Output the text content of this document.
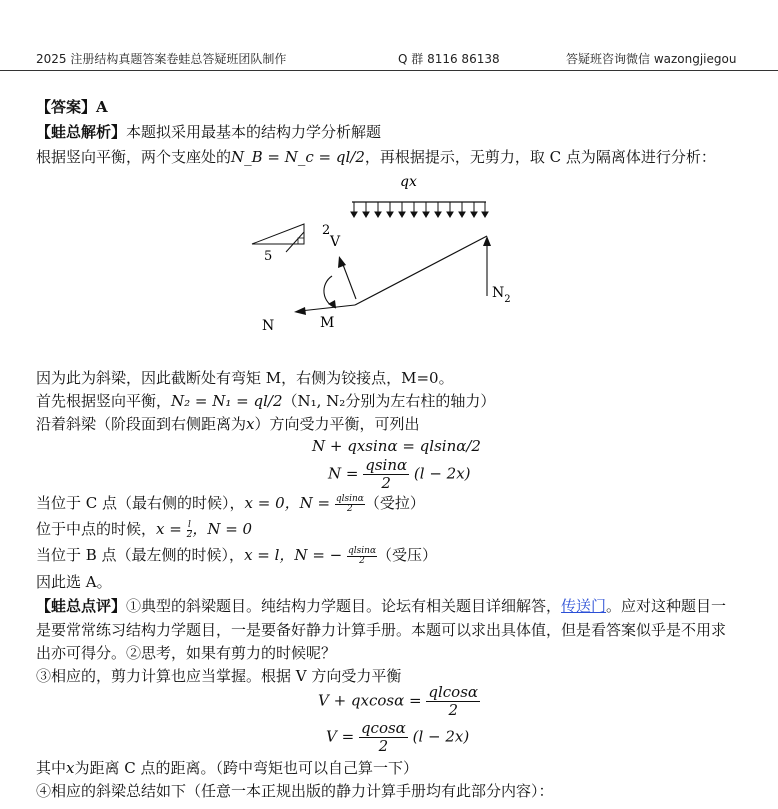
2025 注册结构真题答案卷蛙总答疑班团队制作	Q 群 8116 86138	答疑班咨询微信 wazongjiegou
【答案】A
【蛙总解析】本题拟采用最基本的结构力学分析解题
根据竖向平衡，两个支座处的N_B = N_c = ql/2，再根据提示，无剪力，取 C 点为隔离体进行分析：
qx
2
5
V
N	M
$N_2$
因为此为斜梁，因此截断处有弯矩 M，右侧为铰接点，M=0。
首先根据竖向平衡，N₂ = N₁ = ql/2（N₁, N₂分别为左右柱的轴力）
沿着斜梁（阶段面到右侧距离为x）方向受力平衡，可列出
N + qxsinα = qlsinα/2
$N = \frac{qsin\alpha}{2} (l - 2x)$
当位于 C 点（最右侧的时候），x = 0，$N = \frac{qlsin\alpha}{2}$ （受拉）
位于中点的时候，$x = \frac{l}{2}$ ，N = 0
当位于 B 点（最左侧的时候），x = l，N = − $\frac{qlsin\alpha}{2}$ （受压）
因此选 A。
【蛙总点评】①典型的斜梁题目。纯结构力学题目。论坛有相关题目详细解答，传送门。应对这种题目一
是要常常练习结构力学题目，一是要备好静力计算手册。本题可以求出具体值，但是看答案似乎是不用求
出亦可得分。②思考，如果有剪力的时候呢？
③相应的，剪力计算也应当掌握。根据 V 方向受力平衡
$V + qxcos\alpha = \frac{qlcos\alpha}{2}$
$V = \frac{qcos\alpha}{2} (l - 2x)$
其中x为距离 C 点的距离。（跨中弯矩也可以自己算一下）
④相应的斜梁总结如下（任意一本正规出版的静力计算手册均有此部分内容）：
